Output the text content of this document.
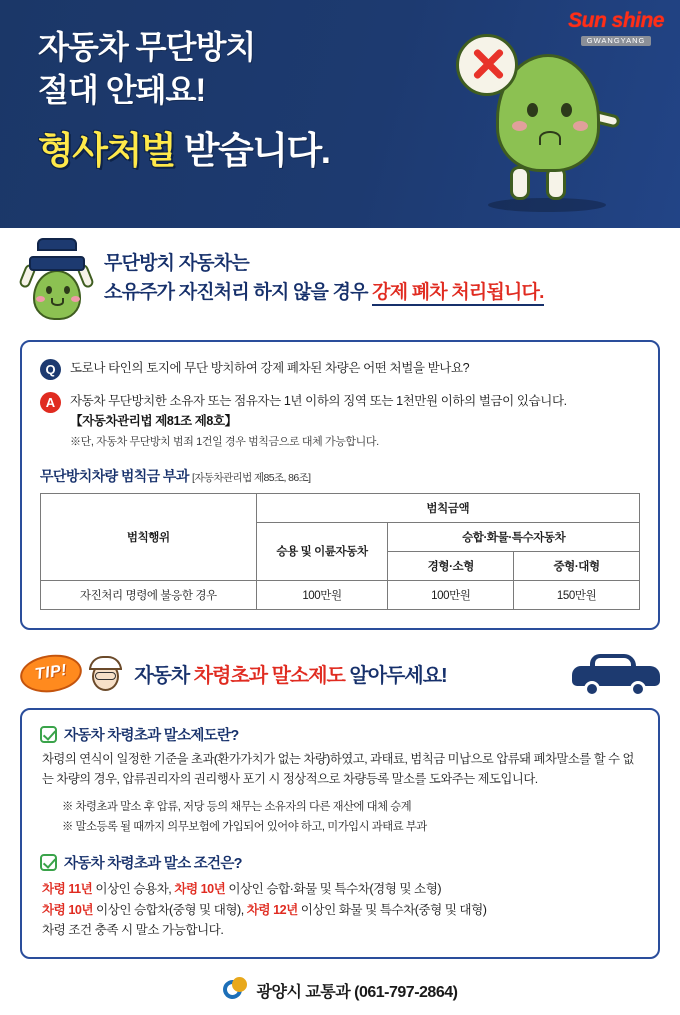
Sun shine
GWANGYANG
자동차 무단방치
절대 안돼요!
형사처벌 받습니다.
무단방치 자동차는
소유주가 자진처리 하지 않을 경우 강제 폐차 처리됩니다.
Q	도로나 타인의 토지에 무단 방치하여 강제 폐차된 차량은 어떤 처벌을 받나요?
A	자동차 무단방치한 소유자 또는 점유자는 1년 이하의 징역 또는 1천만원 이하의 벌금이 있습니다.
【자동차관리법 제81조 제8호】
※단, 자동차 무단방치 범죄 1건일 경우 범칙금으로 대체 가능합니다.
무단방치차량 범칙금 부과 [자동차관리법 제85조, 86조]
범칙행위	범칙금액		
	승용 및 이륜자동차	승합·화물·특수자동차	
		경형·소형	중형·대형
자진처리 명령에 불응한 경우	100만원	100만원	150만원
TIP!	자동차 차령초과 말소제도 알아두세요!
자동차 차령초과 말소제도란?
차령의 연식이 일정한 기준을 초과(환가가치가 없는 차량)하였고, 과태료, 범칙금 미납으로 압류돼 폐차말소를 할 수 없는 차량의 경우, 압류권리자의 권리행사 포기 시 정상적으로 차량등록 말소를 도와주는 제도입니다.
※ 차령초과 말소 후 압류, 저당 등의 채무는 소유자의 다른 재산에 대체 승계
※ 말소등록 될 때까지 의무보험에 가입되어 있어야 하고, 미가입시 과태료 부과
자동차 차령초과 말소 조건은?
차령 11년 이상인 승용차, 차령 10년 이상인 승합·화물 및 특수차(경형 및 소형)
차령 10년 이상인 승합차(중형 및 대형), 차령 12년 이상인 화물 및 특수차(중형 및 대형)
차령 조건 충족 시 말소 가능합니다.
광양시 교통과 (061-797-2864)
